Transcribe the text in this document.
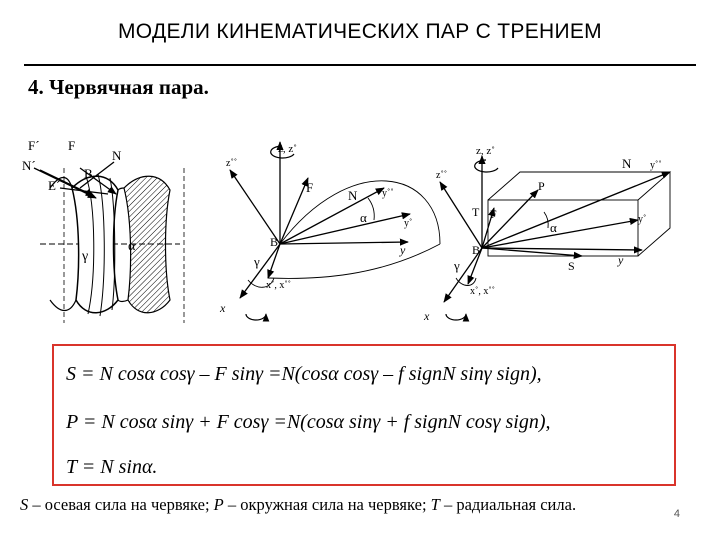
МОДЕЛИ КИНЕМАТИЧЕСКИХ ПАР С ТРЕНИЕМ
4. Червячная пара.
F´ F
N´
N
E´
B
γ
α
z, z˚
z˚˚
F
N y˚˚
α	y˚
B
y
γ
x˚, x˚˚
x
z, z˚
z˚˚
N y˚˚
P
T F
α
y˚
B
S	y
γ
x˚, x˚˚
x
S = N cosα cosγ – F sinγ =N(cosα cosγ – f signN sinγ sign),
P = N cosα sinγ + F cosγ =N(cosα sinγ + f signN cosγ sign),
T = N sinα.
S – осевая сила на червяке; P – окружная сила на червяке; T – радиальная сила.	4
